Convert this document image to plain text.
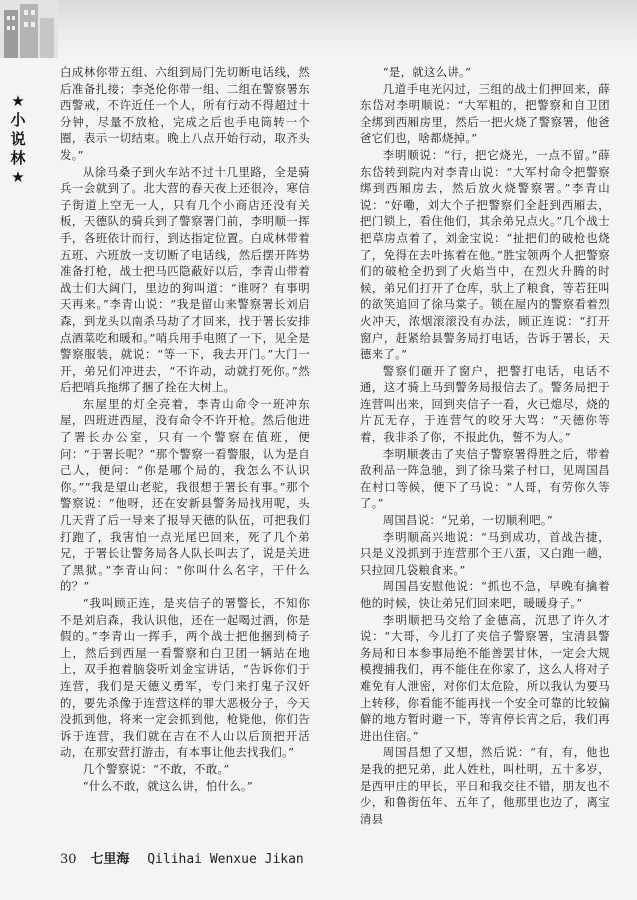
★
小
说
林
★

白成林你带五组、六组到局门先切断电话线，然后准备扎接；李尧伦你带一组、二组在警察署东西警戒，不许近任一个人，所有行动不得超过十分钟，尽量不放枪，完成之后也手电筒转一个圈，表示一切结束。晚上八点开始行动，取齐头发。”

从徐马桑子到火车站不过十几里路，全是骑兵一会就到了。北大营的春天夜上还很冷，寒信子街道上空无一人，只有几个小商店还没有关板，天德队的骑兵到了警察署门前，李明顺一挥手，各班依计而行，到达指定位置。白成林带着五班、六班放一支切断了电话线，然后摆开阵势准备打枪，战士把马匹隐蔽好以后，李青山带着战士们大阔门，里边的狗叫道：“谁呀？有事明天再来。”李青山说：“我是留山来警察署长刘启森，到龙头以南杀马劫了才回来，找于署长安排点酒菜吃和暖和。”哨兵用手电照了一下，见全是警察服装，就说：“等一下，我去开门。”大门一开，弟兄们冲进去，“不许动，动就打死你。”然后把哨兵拖绑了捆了拴在大树上。

东屋里的灯全亮着，李青山命令一班冲东屋，四班进西屋，没有命令不许开枪。然后他进了署长办公室，只有一个警察在值班，便问：“于署长呢？”那个警察一看警服，认为是自己人，便问：“你是哪个局的，我怎么不认识你。”“我是望山老驼，我很想于署长有事。”那个警察说：“他呀，还在安新县警务局找用呢，头几天背了后一导来了报导天德的队伍，可把我们打跑了，我害怕一点光尾巴回来，死了几个弟兄，于署长让警务局各人队长叫去了，说是关进了黑狱。”李青山问：“你叫什么名字，干什么的？”

“我叫顾正连，是夹信子的署警长，不知你不是刘启森，我认识他，还在一起喝过酒，你是假的。”李青山一挥手，两个战士把他捆到椅子上，然后到西屋一看警察和白卫团一辆站在地上，双手抱着脑袋听刘金宝讲话，“告诉你们于连营，我们是天德义勇军，专门来打鬼子汉奸的，要先杀像于连营这样的罪大恶极分子，今天没抓到他，将来一定会抓到他，枪毙他，你们告诉于连营，我们就在吉在不人山以后顶把开活动，在那安营打游击，有本事让他去找我们。”

几个警察说：“不敢，不敢。”

“什么不敢，就这么讲，怕什么。”

“是，就这么讲。”

几道手电光闪过，三组的战士们押回来，薛东岱对李明顺说：“大军粗的，把警察和自卫团全绑到西厢房里，然后一把火烧了警察署，他爸爸它们也，啥都烧掉。”

李明顺说：“行，把它烧光，一点不留。”薛东岱转到院内对李青山说：“大军村命令把警察绑到西厢房去，然后放火烧警察署。”李青山说：“好嘞，刘大个子把警察们全赶到西厢去，把门锁上，看住他们，其余弟兄点火。”几个战士把草房点着了，刘金宝说：“扯把们的破枪也烧了，免得在去叶拣着在他。”胜宝领两个人把警察们的破枪全扔到了火焰当中，在烈火升腾的时候，弟兄们打开了仓库，驮上了粮食，等若狂叫的欲笑追回了徐马棠子。锁在屋内的警察看着烈火冲天，浓烟滚滚没有办法，顾正连说：“打开窗户，赶紧给县警务局打电话，告诉于署长，天德来了。”

警察们砸开了窗户，把警打电话，电话不通，这才骑上马到警务局报信去了。警务局把于连营叫出来，回到夹信子一看，火已熄尽，烧的片瓦无存，于连营气的咬牙大骂：“天德你等着，我非杀了你，不报此仇，誓不为人。”

李明顺袭击了夹信子警察署得胜之后，带着敌利品一阵急驰，到了徐马棠子村口，见周国昌在村口等候，便下了马说：“人哥，有劳你久等了。”

周国昌说：“兄弟，一切顺利吧。”

李明顺高兴地说：“马到成功，首战告捷，只是义没抓到于连营那个王八蛋，又白跑一趟，只拉回几袋粮食来。”

周国昌安慰他说：“抓也不急，早晚有擒着他的时候，快让弟兄们回来吧，暖暖身子。”

李明顺把马交给了金德高，沉思了许久才说：“大哥，今儿打了夹信子警察署，宝清县警务局和日本参事局绝不能善罢甘休，一定会大规模搜捕我们，再不能住在你家了，这么人将对子难免有人泄密，对你们太危险，所以我认为要马上转移，你看能不能再找一个安全可靠的比较偏僻的地方暂时避一下，等宵停长宵之后，我们再进出住宿。”

周国昌想了又想，然后说：“有，有，他也是我的把兄弟，此人姓杜，叫杜明，五十多岁，是西甲庄的甲长，平日和我交往不错，朋友也不少，和鲁街伍年、五年了，他那里也边了，离宝清县

30 七里海 Qilihai Wenxue Jikan
